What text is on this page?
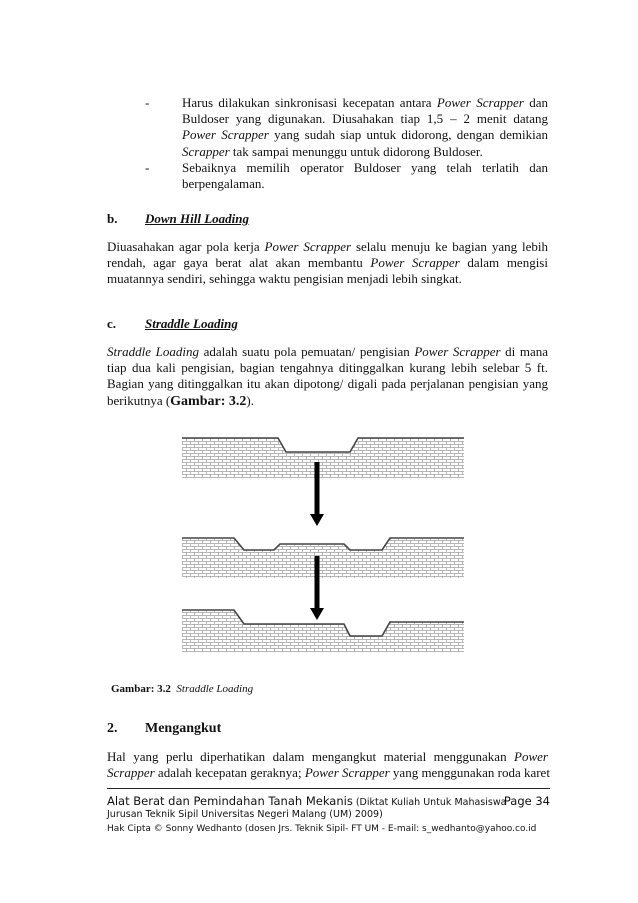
-	Harus dilakukan sinkronisasi kecepatan antara Power Scrapper dan
Buldoser yang digunakan. Diusahakan tiap 1,5 – 2 menit datang
Power Scrapper yang sudah siap untuk didorong, dengan demikian
Scrapper tak sampai menunggu untuk didorong Buldoser.
-	Sebaiknya memilih operator Buldoser yang telah terlatih dan
berpengalaman.
b. Down Hill Loading
Diuasahakan agar pola kerja Power Scrapper selalu menuju ke bagian yang lebih
rendah, agar gaya berat alat akan membantu Power Scrapper dalam mengisi
muatannya sendiri, sehingga waktu pengisian menjadi lebih singkat.
c. Straddle Loading
Straddle Loading adalah suatu pola pemuatan/ pengisian Power Scrapper di mana
tiap dua kali pengisian, bagian tengahnya ditinggalkan kurang lebih selebar 5 ft.
Bagian yang ditinggalkan itu akan dipotong/ digali pada perjalanan pengisian yang
berikutnya (Gambar: 3.2).
Gambar: 3.2 Straddle Loading
2. Mengangkut
Hal yang perlu diperhatikan dalam mengangkut material menggunakan Power
Scrapper adalah kecepatan geraknya; Power Scrapper yang menggunakan roda karet
Alat Berat dan Pemindahan Tanah Mekanis (Diktat Kuliah Untuk Mahasiswa
Page 34
Jurusan Teknik Sipil Universitas Negeri Malang (UM) 2009)
Hak Cipta © Sonny Wedhanto (dosen Jrs. Teknik Sipil- FT UM - E-mail: s_wedhanto@yahoo.co.id
